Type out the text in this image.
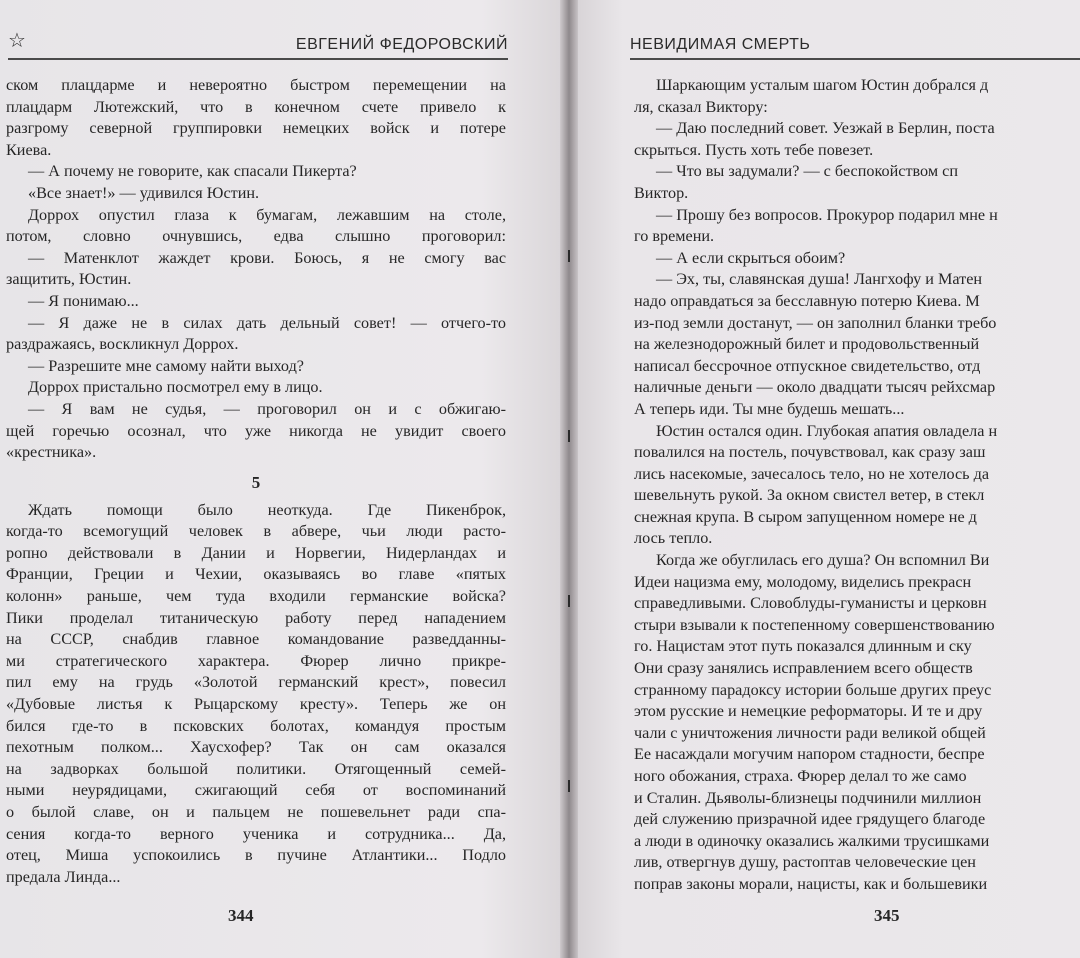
☆	ЕВГЕНИЙ ФЕДОРОВСКИЙ
ском плацдарме и невероятно быстром перемещении на
плацдарм Лютежский, что в конечном счете привело к
разгрому северной группировки немецких войск и потере
Киева.
— А почему не говорите, как спасали Пикерта?
«Все знает!» — удивился Юстин.
Доррох опустил глаза к бумагам, лежавшим на столе,
потом, словно очнувшись, едва слышно проговорил:
— Матенклот жаждет крови. Боюсь, я не смогу вас
защитить, Юстин.
— Я понимаю...
— Я даже не в силах дать дельный совет! — отчего-то
раздражаясь, воскликнул Доррох.
— Разрешите мне самому найти выход?
Доррох пристально посмотрел ему в лицо.
— Я вам не судья, — проговорил он и с обжигаю-
щей горечью осознал, что уже никогда не увидит своего
«крестника».
5
Ждать помощи было неоткуда. Где Пикенброк,
когда-то всемогущий человек в абвере, чьи люди расто-
ропно действовали в Дании и Норвегии, Нидерландах и
Франции, Греции и Чехии, оказываясь во главе «пятых
колонн» раньше, чем туда входили германские войска?
Пики проделал титаническую работу перед нападением
на СССР, снабдив главное командование разведданны-
ми стратегического характера. Фюрер лично прикре-
пил ему на грудь «Золотой германский крест», повесил
«Дубовые листья к Рыцарскому кресту». Теперь же он
бился где-то в псковских болотах, командуя простым
пехотным полком... Хаусхофер? Так он сам оказался
на задворках большой политики. Отягощенный семей-
ными неурядицами, сжигающий себя от воспоминаний
о былой славе, он и пальцем не пошевельнет ради спа-
сения когда-то верного ученика и сотрудника... Да,
отец, Миша успокоились в пучине Атлантики... Подло
предала Линда...
344
НЕВИДИМАЯ СМЕРТЬ
Шаркающим усталым шагом Юстин добрался д
ля, сказал Виктору:
— Даю последний совет. Уезжай в Берлин, поста
скрыться. Пусть хоть тебе повезет.
— Что вы задумали? — с беспокойством сп
Виктор.
— Прошу без вопросов. Прокурор подарил мне н
го времени.
— А если скрыться обоим?
— Эх, ты, славянская душа! Лангхофу и Матен
надо оправдаться за бесславную потерю Киева. М
из-под земли достанут, — он заполнил бланки требо
на железнодорожный билет и продовольственный
написал бессрочное отпускное свидетельство, отд
наличные деньги — около двадцати тысяч рейхсмар
А теперь иди. Ты мне будешь мешать...
Юстин остался один. Глубокая апатия овладела н
повалился на постель, почувствовал, как сразу заш
лись насекомые, зачесалось тело, но не хотелось да
шевельнуть рукой. За окном свистел ветер, в стекл
снежная крупа. В сыром запущенном номере не д
лось тепло.
Когда же обуглилась его душа? Он вспомнил Ви
Идеи нацизма ему, молодому, виделись прекрасн
справедливыми. Словоблуды-гуманисты и церковн
стыри взывали к постепенному совершенствованию
го. Нацистам этот путь показался длинным и ску
Они сразу занялись исправлением всего обществ
странному парадоксу истории больше других преус
этом русские и немецкие реформаторы. И те и дру
чали с уничтожения личности ради великой общей
Ее насаждали могучим напором стадности, беспре
ного обожания, страха. Фюрер делал то же само
и Сталин. Дьяволы-близнецы подчинили миллион
дей служению призрачной идее грядущего благоде
а люди в одиночку оказались жалкими трусишками
лив, отвергнув душу, растоптав человеческие цен
поправ законы морали, нацисты, как и большевики
345
